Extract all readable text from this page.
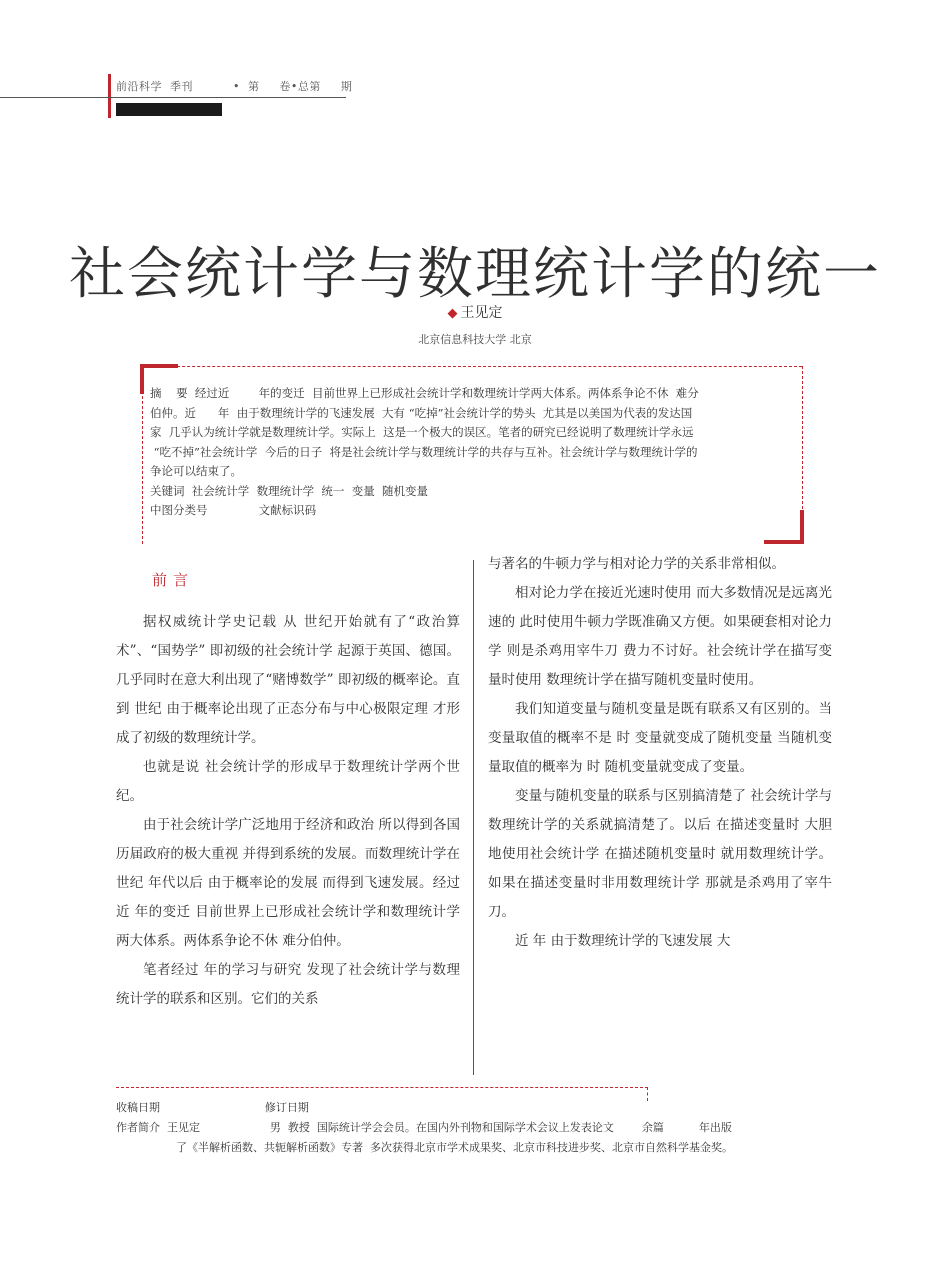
前沿科学  季刊          •  第     卷•总第     期
社会统计学与数理统计学的统一
◆ 王见定
北京信息科技大学 北京
摘    要  经过近        年的变迁  目前世界上已形成社会统计学和数理统计学两大体系。两体系争论不休  难分
伯仲。近      年  由于数理统计学的飞速发展  大有 “吃掉”社会统计学的势头  尤其是以美国为代表的发达国
家  几乎认为统计学就是数理统计学。实际上  这是一个极大的误区。笔者的研究已经说明了数理统计学永远
“吃不掉”社会统计学  今后的日子  将是社会统计学与数理统计学的共存与互补。社会统计学与数理统计学的
争论可以结束了。
关键词  社会统计学  数理统计学  统一  变量  随机变量
中图分类号              文献标识码
前言

据权威统计学史记载 从 世纪开始就有了“政治算术”、“国势学” 即初级的社会统计学 起源于英国、德国。几乎同时在意大利出现了“赌博数学” 即初级的概率论。直到 世纪 由于概率论出现了正态分布与中心极限定理 才形成了初级的数理统计学。

也就是说 社会统计学的形成早于数理统计学两个世纪。

由于社会统计学广泛地用于经济和政治 所以得到各国历届政府的极大重视 并得到系统的发展。而数理统计学在 世纪 年代以后 由于概率论的发展 而得到飞速发展。经过近 年的变迁 目前世界上已形成社会统计学和数理统计学两大体系。两体系争论不休 难分伯仲。

笔者经过 年的学习与研究 发现了社会统计学与数理统计学的联系和区别。它们的关系

与著名的牛顿力学与相对论力学的关系非常相似。

相对论力学在接近光速时使用 而大多数情况是远离光速的 此时使用牛顿力学既准确又方便。如果硬套相对论力学 则是杀鸡用宰牛刀 费力不讨好。社会统计学在描写变量时使用 数理统计学在描写随机变量时使用。

我们知道变量与随机变量是既有联系又有区别的。当变量取值的概率不是 时 变量就变成了随机变量 当随机变量取值的概率为 时 随机变量就变成了变量。

变量与随机变量的联系与区别搞清楚了 社会统计学与数理统计学的关系就搞清楚了。以后 在描述变量时 大胆地使用社会统计学 在描述随机变量时 就用数理统计学。如果在描述变量时非用数理统计学 那就是杀鸡用了宰牛刀。

近 年 由于数理统计学的飞速发展 大

收稿日期                              修订日期
作者简介  王见定                    男  教授  国际统计学会会员。在国内外刊物和国际学术会议上发表论文        余篇          年出版
了《半解析函数、共轭解析函数》专著  多次获得北京市学术成果奖、北京市科技进步奖、北京市自然科学基金奖。
